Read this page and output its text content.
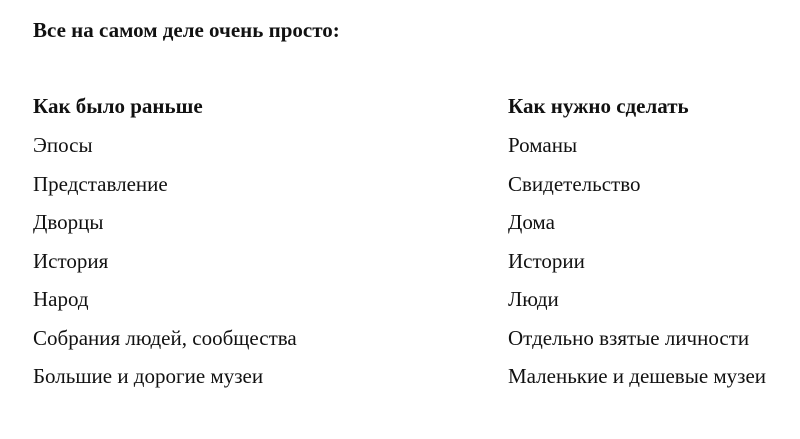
Все на самом деле очень просто:
Как было раньше
Эпосы
Представление
Дворцы
История
Народ
Собрания людей, сообщества
Большие и дорогие музеи
Как нужно сделать
Романы
Свидетельство
Дома
Истории
Люди
Отдельно взятые личности
Маленькие и дешевые музеи
